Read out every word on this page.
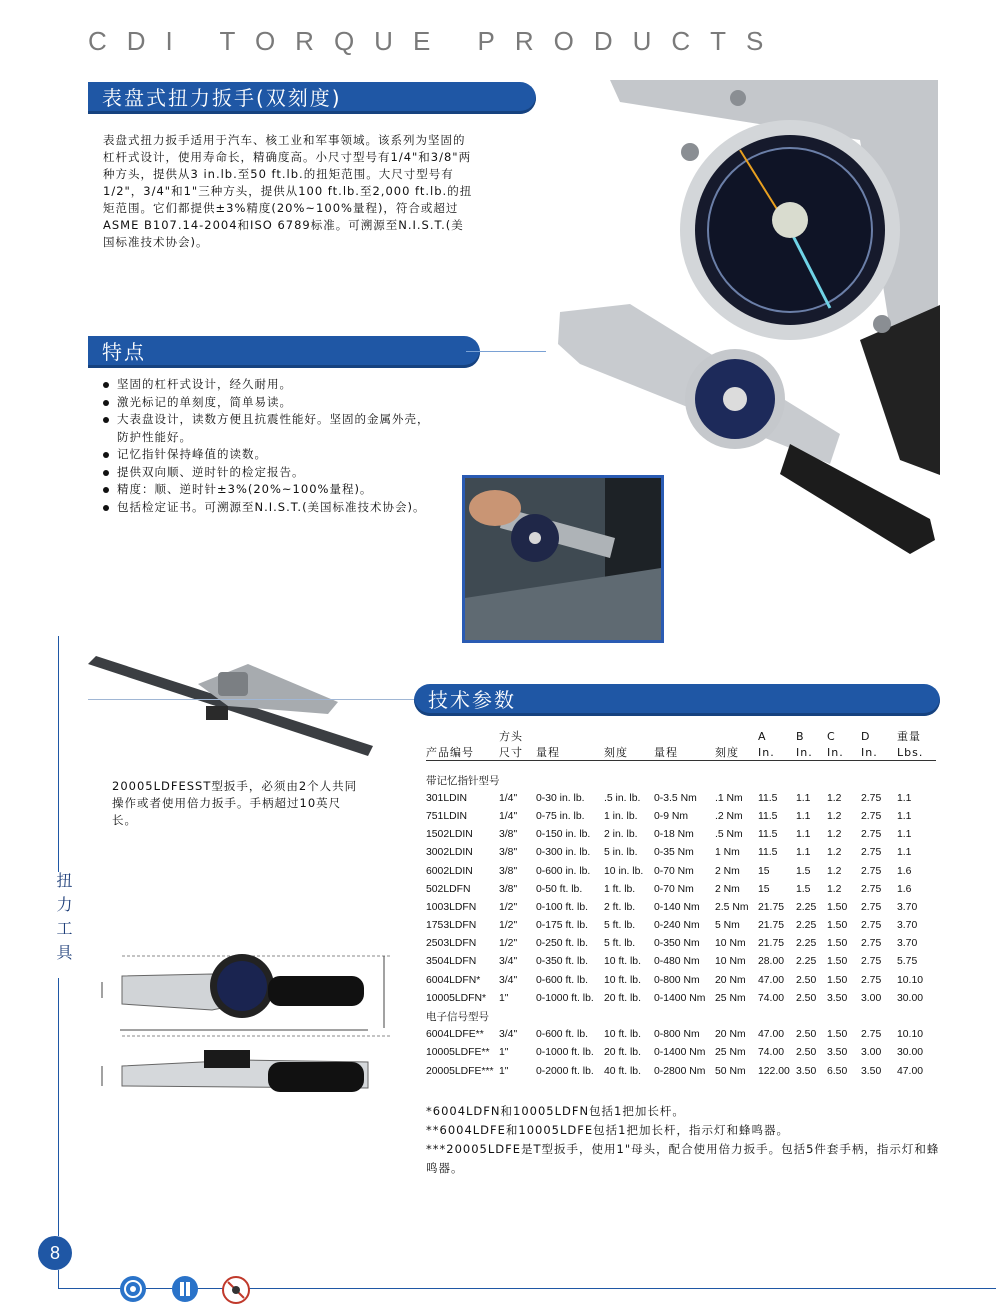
CDI TORQUE PRODUCTS
表盘式扭力扳手(双刻度)
表盘式扭力扳手适用于汽车、核工业和军事领域。该系列为坚固的杠杆式设计，使用寿命长，精确度高。小尺寸型号有1/4"和3/8"两种方头，提供从3 in.lb.至50 ft.lb.的扭矩范围。大尺寸型号有1/2"，3/4"和1"三种方头，提供从100 ft.lb.至2,000 ft.lb.的扭矩范围。它们都提供±3%精度(20%~100%量程)，符合或超过ASME B107.14-2004和ISO 6789标准。可溯源至N.I.S.T.(美国标准技术协会)。
特点
坚固的杠杆式设计，经久耐用。
激光标记的单刻度，简单易读。
大表盘设计，读数方便且抗震性能好。坚固的金属外壳，防护性能好。
记忆指针保持峰值的读数。
提供双向顺、逆时针的检定报告。
精度：顺、逆时针±3%(20%~100%量程)。
包括检定证书。可溯源至N.I.S.T.(美国标准技术协会)。
20005LDFESST型扳手，必须由2个人共同操作或者使用倍力扳手。手柄超过10英尺长。
扭力工具
技术参数
	方头					A	B	C	D	重量
产品编号	尺寸	量程	刻度	量程	刻度	In.	In.	In.	In.	Lbs.

带记忆指针型号										
301LDIN	1/4"	0-30 in. lb.	.5 in. lb.	0-3.5 Nm	.1 Nm	11.5	1.1	1.2	2.75	1.1
751LDIN	1/4"	0-75 in. lb.	1 in. lb.	0-9 Nm	.2 Nm	11.5	1.1	1.2	2.75	1.1
1502LDIN	3/8"	0-150 in. lb.	2 in. lb.	0-18 Nm	.5 Nm	11.5	1.1	1.2	2.75	1.1
3002LDIN	3/8"	0-300 in. lb.	5 in. lb.	0-35 Nm	1 Nm	11.5	1.1	1.2	2.75	1.1
6002LDIN	3/8"	0-600 in. lb.	10 in. lb.	0-70 Nm	2 Nm	15	1.5	1.2	2.75	1.6
502LDFN	3/8"	0-50 ft. lb.	1 ft. lb.	0-70 Nm	2 Nm	15	1.5	1.2	2.75	1.6
1003LDFN	1/2"	0-100 ft. lb.	2 ft. lb.	0-140 Nm	2.5 Nm	21.75	2.25	1.50	2.75	3.70
1753LDFN	1/2"	0-175 ft. lb.	5 ft. lb.	0-240 Nm	5 Nm	21.75	2.25	1.50	2.75	3.70
2503LDFN	1/2"	0-250 ft. lb.	5 ft. lb.	0-350 Nm	10 Nm	21.75	2.25	1.50	2.75	3.70
3504LDFN	3/4"	0-350 ft. lb.	10 ft. lb.	0-480 Nm	10 Nm	28.00	2.25	1.50	2.75	5.75
6004LDFN*	3/4"	0-600 ft. lb.	10 ft. lb.	0-800 Nm	20 Nm	47.00	2.50	1.50	2.75	10.10
10005LDFN*	1"	0-1000 ft. lb.	20 ft. lb.	0-1400 Nm	25 Nm	74.00	2.50	3.50	3.00	30.00
电子信号型号										
6004LDFE**	3/4"	0-600 ft. lb.	10 ft. lb.	0-800 Nm	20 Nm	47.00	2.50	1.50	2.75	10.10
10005LDFE**	1"	0-1000 ft. lb.	20 ft. lb.	0-1400 Nm	25 Nm	74.00	2.50	3.50	3.00	30.00
20005LDFE***	1"	0-2000 ft. lb.	40 ft. lb.	0-2800 Nm	50 Nm	122.00	3.50	6.50	3.50	47.00
*6004LDFN和10005LDFN包括1把加长杆。
**6004LDFE和10005LDFE包括1把加长杆，指示灯和蜂鸣器。
***20005LDFE是T型扳手，使用1"母头，配合使用倍力扳手。包括5件套手柄，指示灯和蜂鸣器。
8
